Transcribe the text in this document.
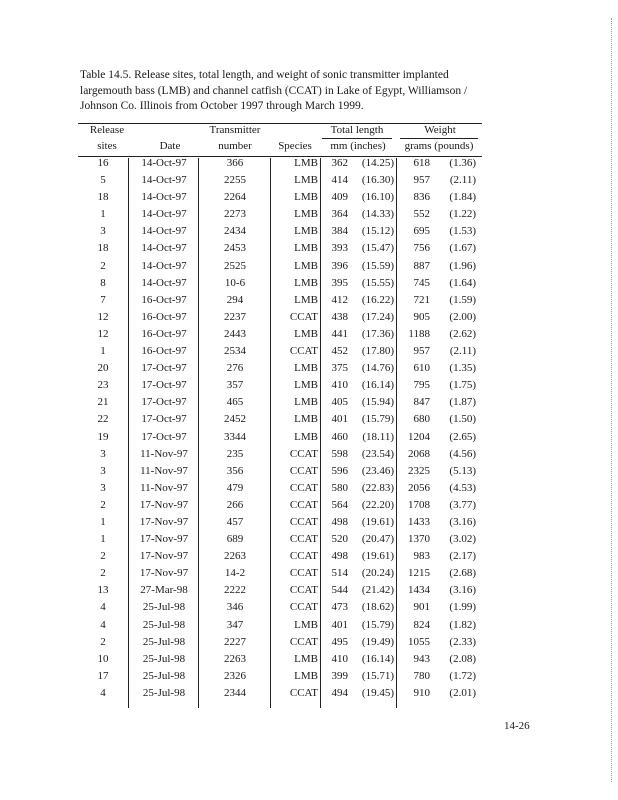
Table 14.5. Release sites, total length, and weight of sonic transmitter implanted largemouth bass (LMB) and channel catfish (CCAT) in Lake of Egypt, Williamson / Johnson Co. Illinois from October 1997 through March 1999.
Release
sites	Date
Transmitter
number	Species
Total length
mm (inches)
Weight
grams (pounds)
16	14-Oct-97	366	LMB	362	(14.25)	618	(1.36)
5	14-Oct-97	2255	LMB	414	(16.30)	957	(2.11)
18	14-Oct-97	2264	LMB	409	(16.10)	836	(1.84)
1	14-Oct-97	2273	LMB	364	(14.33)	552	(1.22)
3	14-Oct-97	2434	LMB	384	(15.12)	695	(1.53)
18	14-Oct-97	2453	LMB	393	(15.47)	756	(1.67)
2	14-Oct-97	2525	LMB	396	(15.59)	887	(1.96)
8	14-Oct-97	10-6	LMB	395	(15.55)	745	(1.64)
7	16-Oct-97	294	LMB	412	(16.22)	721	(1.59)
12	16-Oct-97	2237	CCAT	438	(17.24)	905	(2.00)
12	16-Oct-97	2443	LMB	441	(17.36)	1188	(2.62)
1	16-Oct-97	2534	CCAT	452	(17.80)	957	(2.11)
20	17-Oct-97	276	LMB	375	(14.76)	610	(1.35)
23	17-Oct-97	357	LMB	410	(16.14)	795	(1.75)
21	17-Oct-97	465	LMB	405	(15.94)	847	(1.87)
22	17-Oct-97	2452	LMB	401	(15.79)	680	(1.50)
19	17-Oct-97	3344	LMB	460	(18.11)	1204	(2.65)
3	11-Nov-97	235	CCAT	598	(23.54)	2068	(4.56)
3	11-Nov-97	356	CCAT	596	(23.46)	2325	(5.13)
3	11-Nov-97	479	CCAT	580	(22.83)	2056	(4.53)
2	17-Nov-97	266	CCAT	564	(22.20)	1708	(3.77)
1	17-Nov-97	457	CCAT	498	(19.61)	1433	(3.16)
1	17-Nov-97	689	CCAT	520	(20.47)	1370	(3.02)
2	17-Nov-97	2263	CCAT	498	(19.61)	983	(2.17)
2	17-Nov-97	14-2	CCAT	514	(20.24)	1215	(2.68)
13	27-Mar-98	2222	CCAT	544	(21.42)	1434	(3.16)
4	25-Jul-98	346	CCAT	473	(18.62)	901	(1.99)
4	25-Jul-98	347	LMB	401	(15.79)	824	(1.82)
2	25-Jul-98	2227	CCAT	495	(19.49)	1055	(2.33)
10	25-Jul-98	2263	LMB	410	(16.14)	943	(2.08)
17	25-Jul-98	2326	LMB	399	(15.71)	780	(1.72)
4	25-Jul-98	2344	CCAT	494	(19.45)	910	(2.01)
14-26
